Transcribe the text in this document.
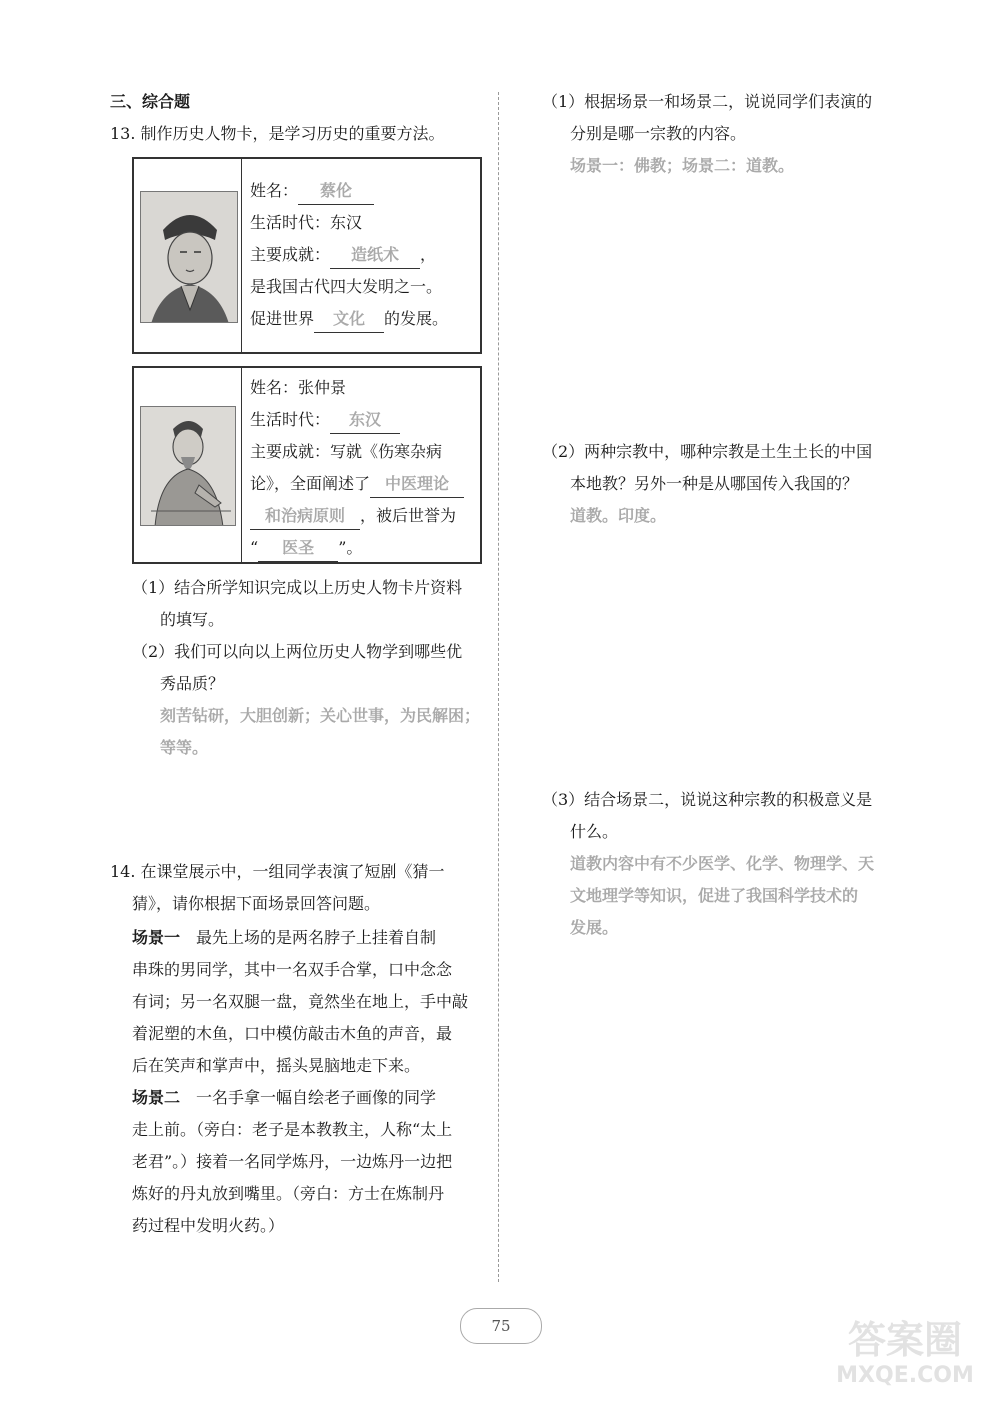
三、综合题
13. 制作历史人物卡，是学习历史的重要方法。
姓名： 蔡伦
生活时代：东汉
主要成就： 造纸术 ，
是我国古代四大发明之一。
促进世界 文化 的发展。
姓名：张仲景
生活时代： 东汉
主要成就：写就《伤寒杂病
论》，全面阐述了 中医理论
和治病原则 ，被后世誉为
“ 医圣 ”。
（1）结合所学知识完成以上历史人物卡片资料
的填写。
（2）我们可以向以上两位历史人物学到哪些优
秀品质？
刻苦钻研，大胆创新；关心世事，为民解困；
等等。
14. 在课堂展示中，一组同学表演了短剧《猜一
猜》，请你根据下面场景回答问题。
场景一　最先上场的是两名脖子上挂着自制
串珠的男同学，其中一名双手合掌，口中念念
有词；另一名双腿一盘，竟然坐在地上，手中敲
着泥塑的木鱼，口中模仿敲击木鱼的声音，最
后在笑声和掌声中，摇头晃脑地走下来。
场景二　一名手拿一幅自绘老子画像的同学
走上前。（旁白：老子是本教教主，人称“太上
老君”。）接着一名同学炼丹，一边炼丹一边把
炼好的丹丸放到嘴里。（旁白：方士在炼制丹
药过程中发明火药。）
（1）根据场景一和场景二，说说同学们表演的
分别是哪一宗教的内容。
场景一：佛教；场景二：道教。
（2）两种宗教中，哪种宗教是土生土长的中国
本地教？另外一种是从哪国传入我国的？
道教。印度。
（3）结合场景二，说说这种宗教的积极意义是
什么。
道教内容中有不少医学、化学、物理学、天
文地理学等知识，促进了我国科学技术的
发展。
75	答案圈
MXQE.COM
